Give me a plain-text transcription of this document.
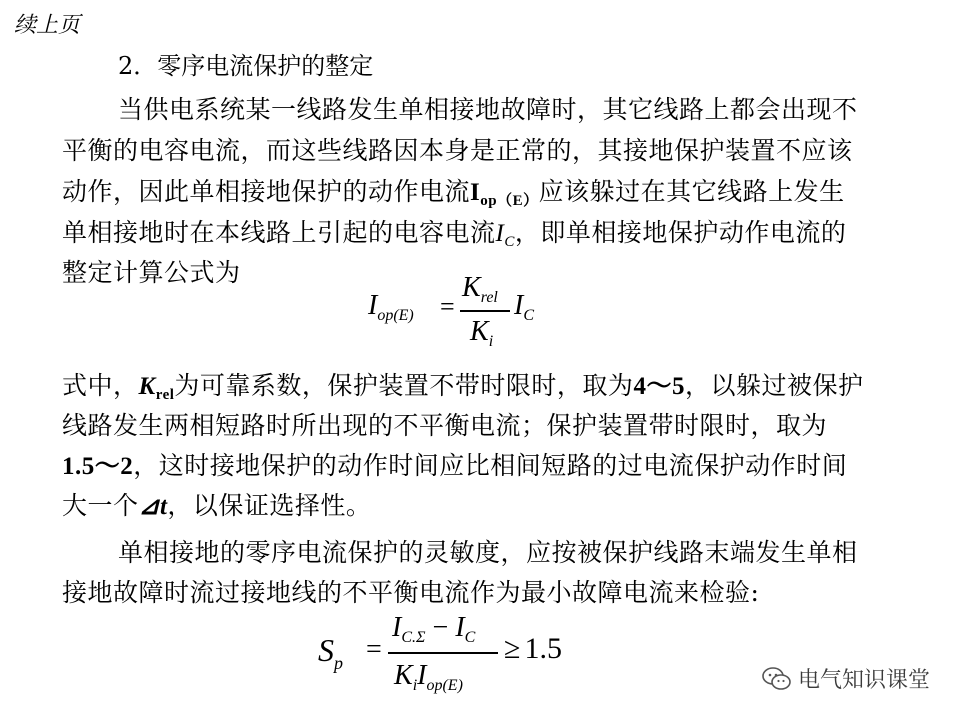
续上页
2．零序电流保护的整定
当供电系统某一线路发生单相接地故障时，其它线路上都会出现不
平衡的电容电流，而这些线路因本身是正常的，其接地保护装置不应该
动作，因此单相接地保护的动作电流$I_{op(E)}$应该躲过在其它线路上发生
单相接地时在本线路上引起的电容电流$I_C$，即单相接地保护动作电流的
整定计算公式为
$I_{op(E)}$ =
$K_{rel}$
$K_i$
$I_C$
式中，$K_{rel}$为可靠系数，保护装置不带时限时，取为4～5，以躲过被保护
线路发生两相短路时所出现的不平衡电流；保护装置带时限时，取为
1.5～2，这时接地保护的动作时间应比相间短路的过电流保护动作时间
大一个⊿t，以保证选择性。
单相接地的零序电流保护的灵敏度，应按被保护线路末端发生单相
接地故障时流过接地线的不平衡电流作为最小故障电流来检验:
$S_p$ =
$I_{C.\Sigma} - I_C$
$K_iI_{op(E)}$
≥ 1.5
电气知识课堂
